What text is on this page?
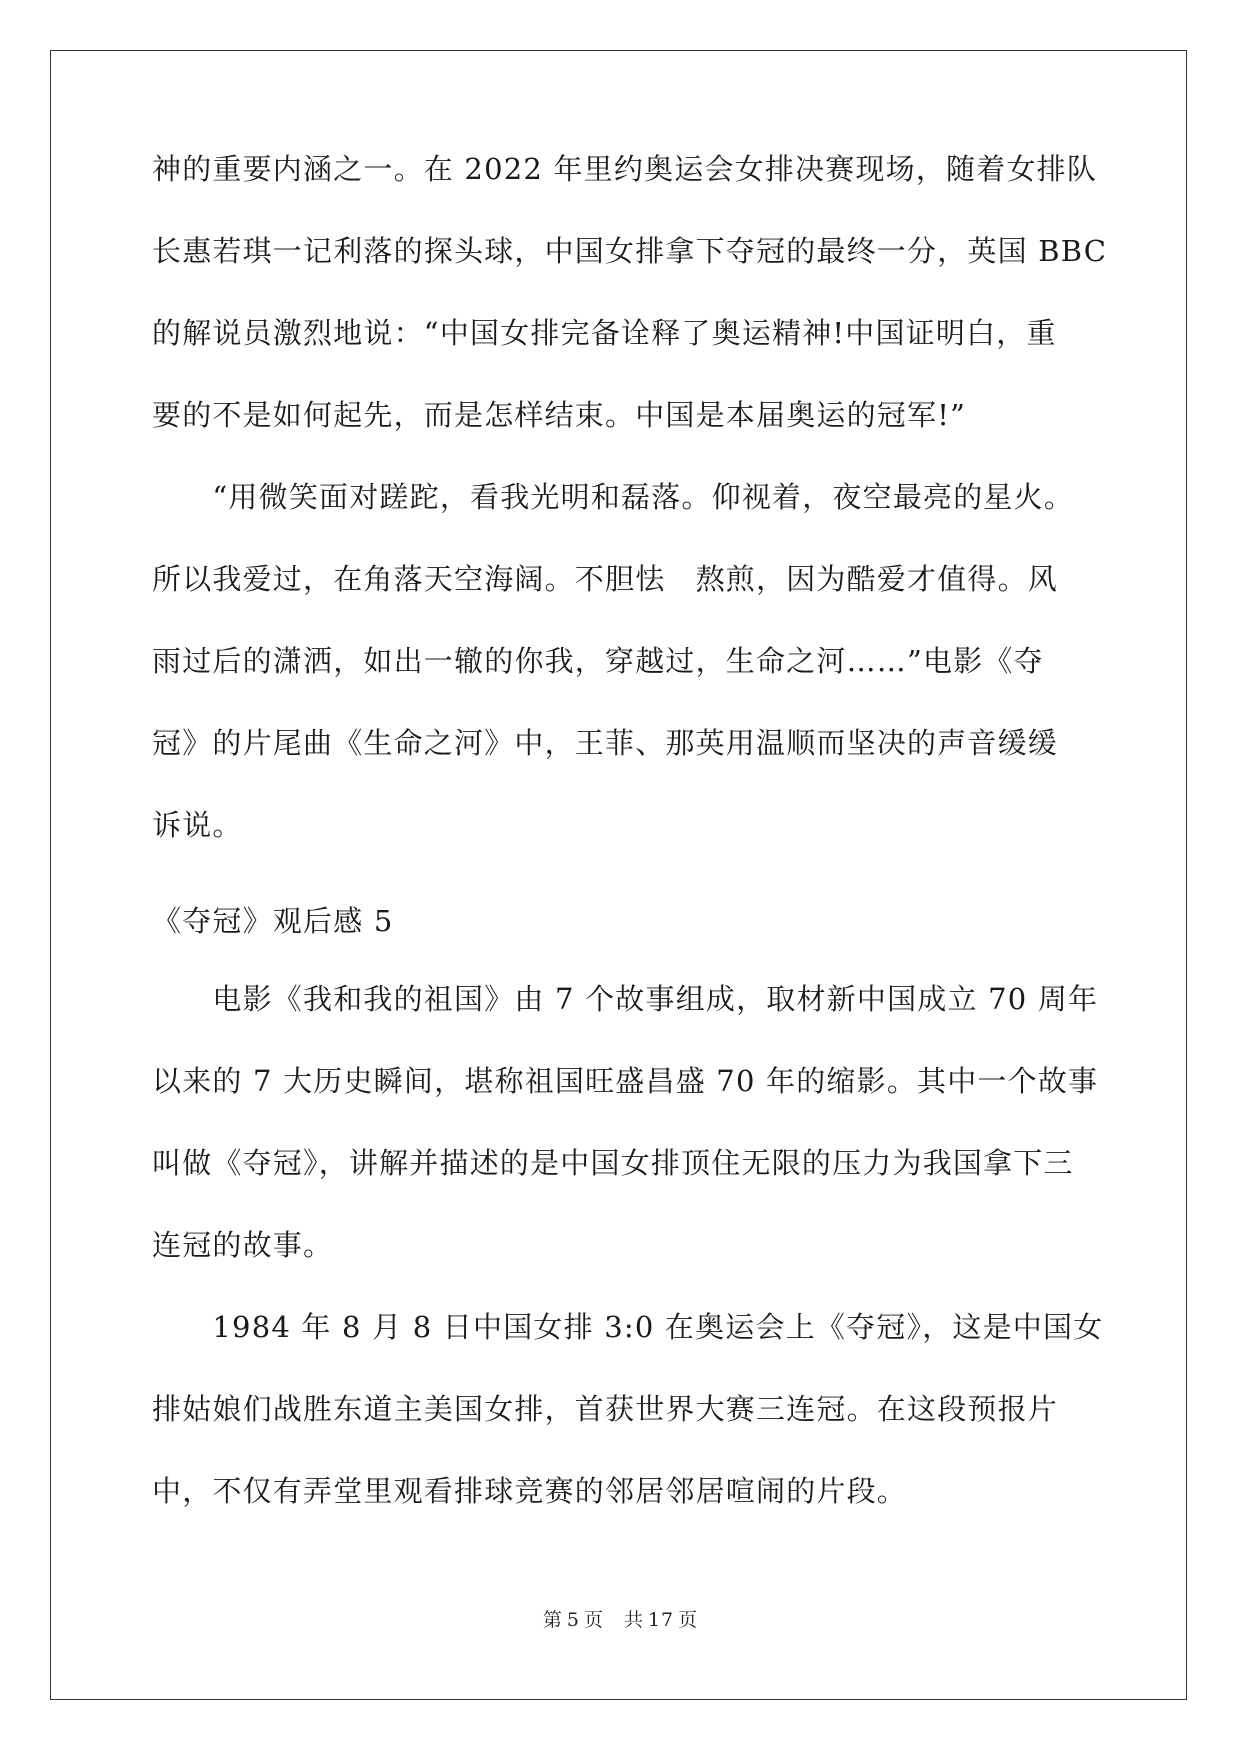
神的重要内涵之一。在 2022 年里约奥运会女排决赛现场，随着女排队
长惠若琪一记利落的探头球，中国女排拿下夺冠的最终一分，英国 BBC
的解说员激烈地说：“中国女排完备诠释了奥运精神!中国证明白，重
要的不是如何起先，而是怎样结束。中国是本届奥运的冠军!”
　　“用微笑面对蹉跎，看我光明和磊落。仰视着，夜空最亮的星火。
所以我爱过，在角落天空海阔。不胆怯　熬煎，因为酷爱才值得。风
雨过后的潇洒，如出一辙的你我，穿越过，生命之河……”电影《夺
冠》的片尾曲《生命之河》中，王菲、那英用温顺而坚决的声音缓缓
诉说。
《夺冠》观后感 5
　　电影《我和我的祖国》由 7 个故事组成，取材新中国成立 70 周年
以来的 7 大历史瞬间，堪称祖国旺盛昌盛 70 年的缩影。其中一个故事
叫做《夺冠》，讲解并描述的是中国女排顶住无限的压力为我国拿下三
连冠的故事。
　　1984 年 8 月 8 日中国女排 3:0 在奥运会上《夺冠》，这是中国女
排姑娘们战胜东道主美国女排，首获世界大赛三连冠。在这段预报片
中，不仅有弄堂里观看排球竞赛的邻居邻居喧闹的片段。
第 5 页　共 17 页
